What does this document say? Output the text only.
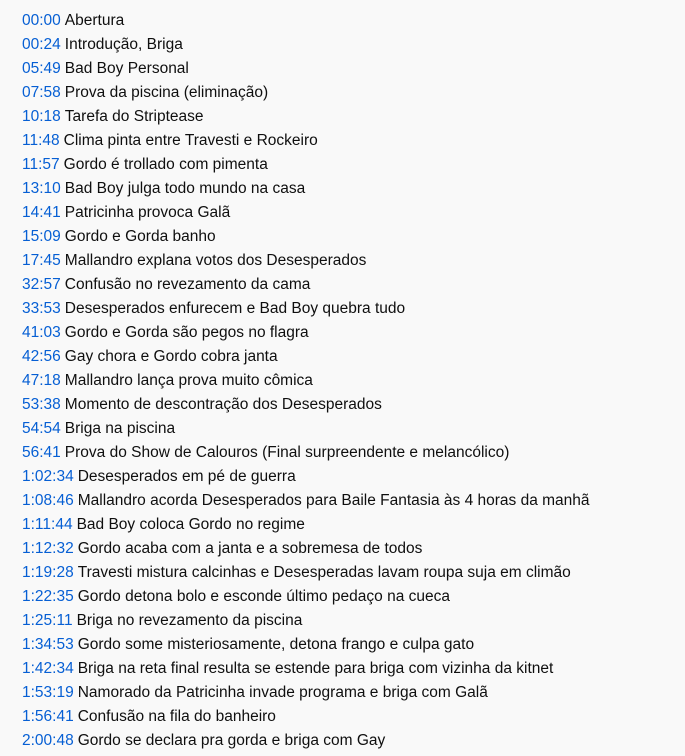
00:00 Abertura
00:24 Introdução, Briga
05:49 Bad Boy Personal
07:58 Prova da piscina (eliminação)
10:18 Tarefa do Striptease
11:48 Clima pinta entre Travesti e Rockeiro
11:57 Gordo é trollado com pimenta
13:10 Bad Boy julga todo mundo na casa
14:41 Patricinha provoca Galã
15:09 Gordo e Gorda banho
17:45 Mallandro explana votos dos Desesperados
32:57 Confusão no revezamento da cama
33:53 Desesperados enfurecem e Bad Boy quebra tudo
41:03 Gordo e Gorda são pegos no flagra
42:56 Gay chora e Gordo cobra janta
47:18 Mallandro lança prova muito cômica
53:38 Momento de descontração dos Desesperados
54:54 Briga na piscina
56:41 Prova do Show de Calouros (Final surpreendente e melancólico)
1:02:34 Desesperados em pé de guerra
1:08:46 Mallandro acorda Desesperados para Baile Fantasia às 4 horas da manhã
1:11:44 Bad Boy coloca Gordo no regime
1:12:32 Gordo acaba com a janta e a sobremesa de todos
1:19:28 Travesti mistura calcinhas e Desesperadas lavam roupa suja em climão
1:22:35 Gordo detona bolo e esconde último pedaço na cueca
1:25:11 Briga no revezamento da piscina
1:34:53 Gordo some misteriosamente, detona frango e culpa gato
1:42:34 Briga na reta final resulta se estende para briga com vizinha da kitnet
1:53:19 Namorado da Patricinha invade programa e briga com Galã
1:56:41 Confusão na fila do banheiro
2:00:48 Gordo se declara pra gorda e briga com Gay
